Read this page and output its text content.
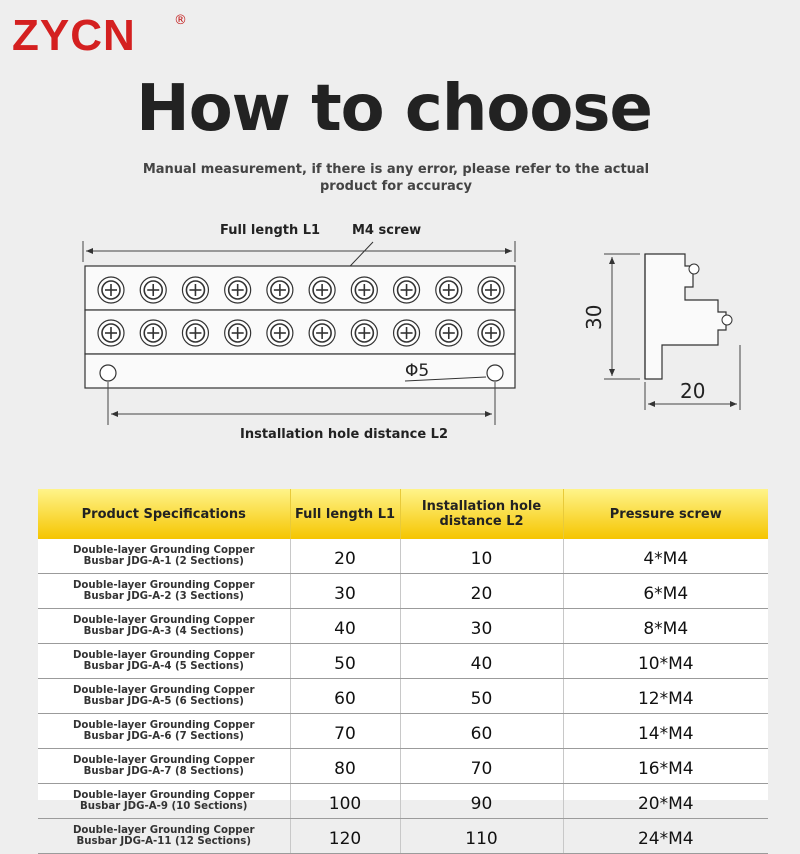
ZYCN	®
How to choose
Manual measurement, if there is any error, please refer to the actual product for accuracy
Full length L1 M4 screw
Φ5
Installation hole distance L2
30
20
Product Specifications	Full length L1	Installation hole distance L2	Pressure screw
Double-layer Grounding Copper
Busbar JDG-A-1 (2 Sections)	20	10	4*M4
Double-layer Grounding Copper
Busbar JDG-A-2 (3 Sections)	30	20	6*M4
Double-layer Grounding Copper
Busbar JDG-A-3 (4 Sections)	40	30	8*M4
Double-layer Grounding Copper
Busbar JDG-A-4 (5 Sections)	50	40	10*M4
Double-layer Grounding Copper
Busbar JDG-A-5 (6 Sections)	60	50	12*M4
Double-layer Grounding Copper
Busbar JDG-A-6 (7 Sections)	70	60	14*M4
Double-layer Grounding Copper
Busbar JDG-A-7 (8 Sections)	80	70	16*M4
Double-layer Grounding Copper
Busbar JDG-A-9 (10 Sections)	100	90	20*M4
Double-layer Grounding Copper
Busbar JDG-A-11 (12 Sections)	120	110	24*M4
